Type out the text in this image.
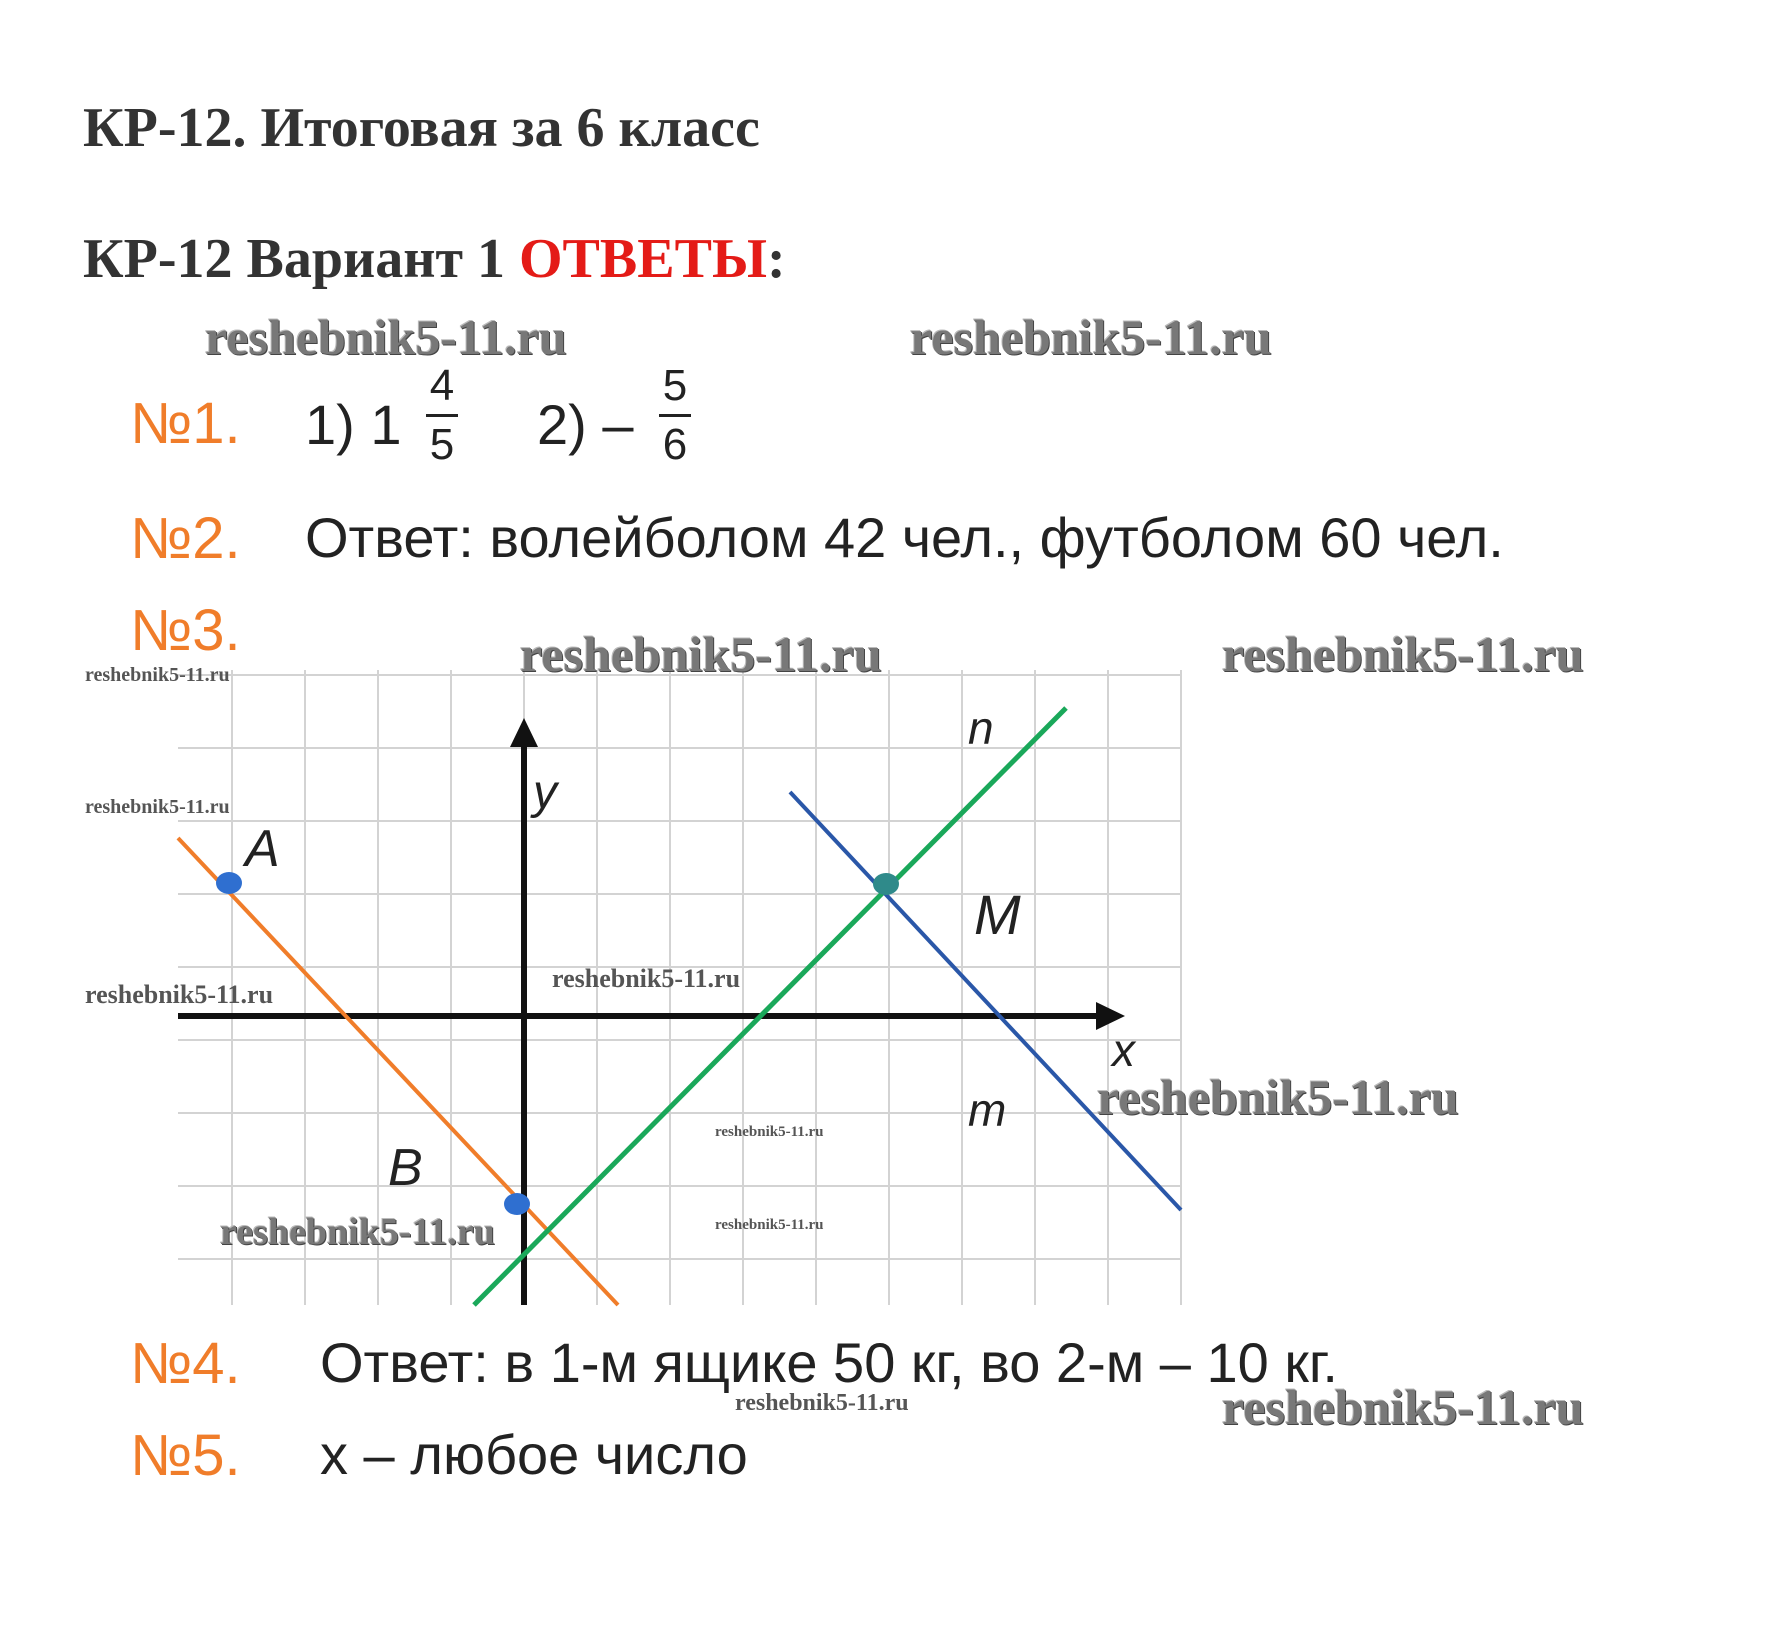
КР-12. Итоговая за 6 класс
КР-12 Вариант 1 ОТВЕТЫ:
reshebnik5-11.ru	reshebnik5-11.ru
№1. 1) 1
4
5 2) –
5
6
№2. Ответ: волейболом 42 чел., футболом 60 чел.
№3.
y
x
A
B
M
n
m
reshebnik5-11.ru	reshebnik5-11.ru	reshebnik5-11.ru
reshebnik5-11.ru
reshebnik5-11.ru
reshebnik5-11.ru
reshebnik5-11.ru
reshebnik5-11.ru
reshebnik5-11.ru
reshebnik5-11.ru
№4. Ответ: в 1-м ящике 50 кг, во 2-м – 10 кг.
reshebnik5-11.ru	reshebnik5-11.ru
№5. x – любое число
